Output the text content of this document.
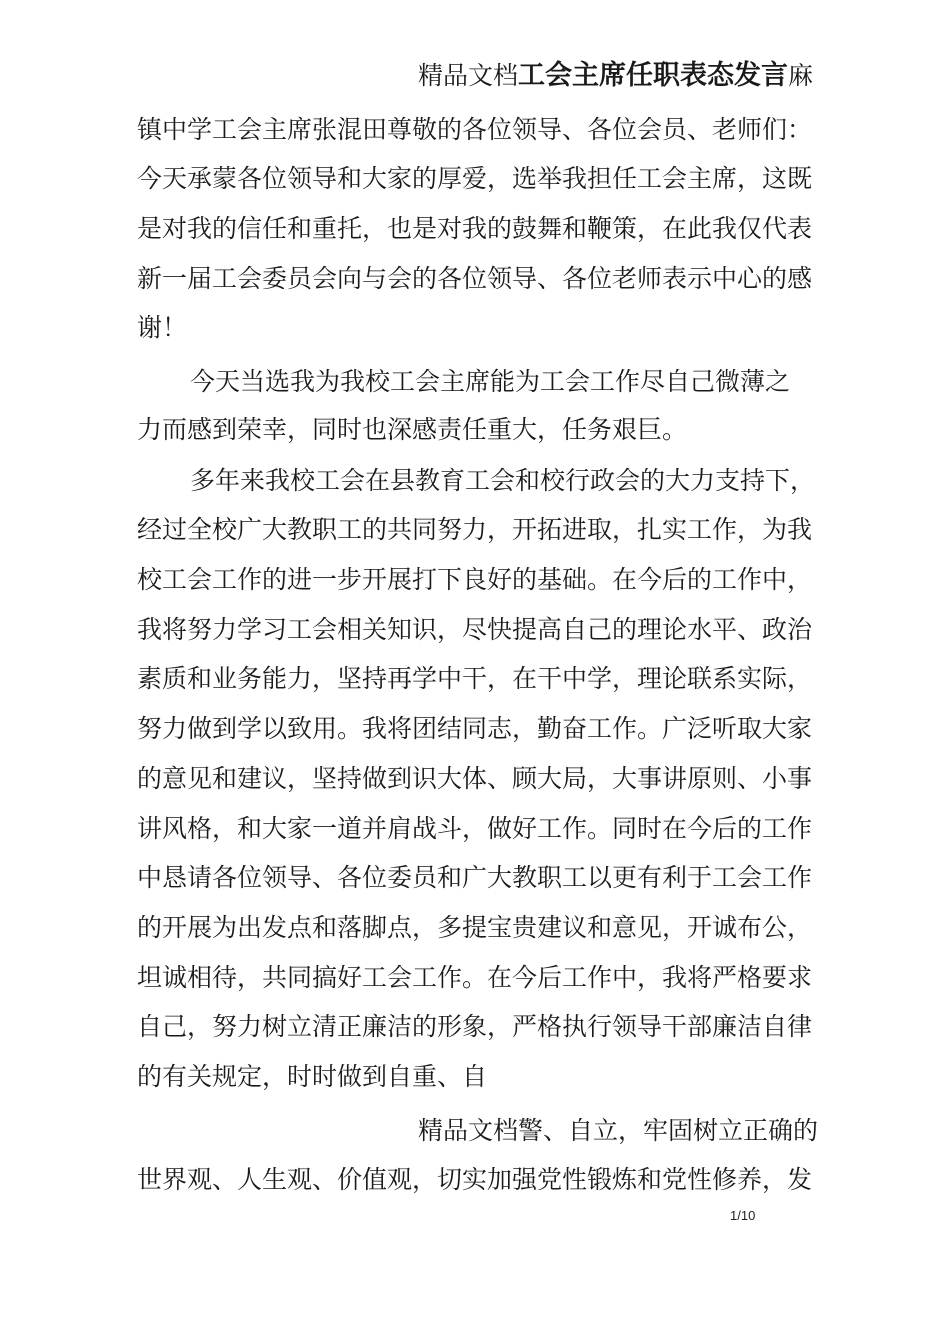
精品文档工会主席任职表态发言麻
镇中学工会主席张混田尊敬的各位领导、各位会员、老师们：
今天承蒙各位领导和大家的厚爱，选举我担任工会主席，这既
是对我的信任和重托，也是对我的鼓舞和鞭策，在此我仅代表
新一届工会委员会向与会的各位领导、各位老师表示中心的感
谢！
今天当选我为我校工会主席能为工会工作尽自己微薄之
力而感到荣幸，同时也深感责任重大，任务艰巨。
多年来我校工会在县教育工会和校行政会的大力支持下，
经过全校广大教职工的共同努力，开拓进取，扎实工作，为我
校工会工作的进一步开展打下良好的基础。在今后的工作中，
我将努力学习工会相关知识，尽快提高自己的理论水平、政治
素质和业务能力，坚持再学中干，在干中学，理论联系实际，
努力做到学以致用。我将团结同志，勤奋工作。广泛听取大家
的意见和建议，坚持做到识大体、顾大局，大事讲原则、小事
讲风格，和大家一道并肩战斗，做好工作。同时在今后的工作
中恳请各位领导、各位委员和广大教职工以更有利于工会工作
的开展为出发点和落脚点，多提宝贵建议和意见，开诚布公，
坦诚相待，共同搞好工会工作。在今后工作中，我将严格要求
自己，努力树立清正廉洁的形象，严格执行领导干部廉洁自律
的有关规定，时时做到自重、自
精品文档警、自立，牢固树立正确的
世界观、人生观、价值观，切实加强党性锻炼和党性修养，发
1/10
